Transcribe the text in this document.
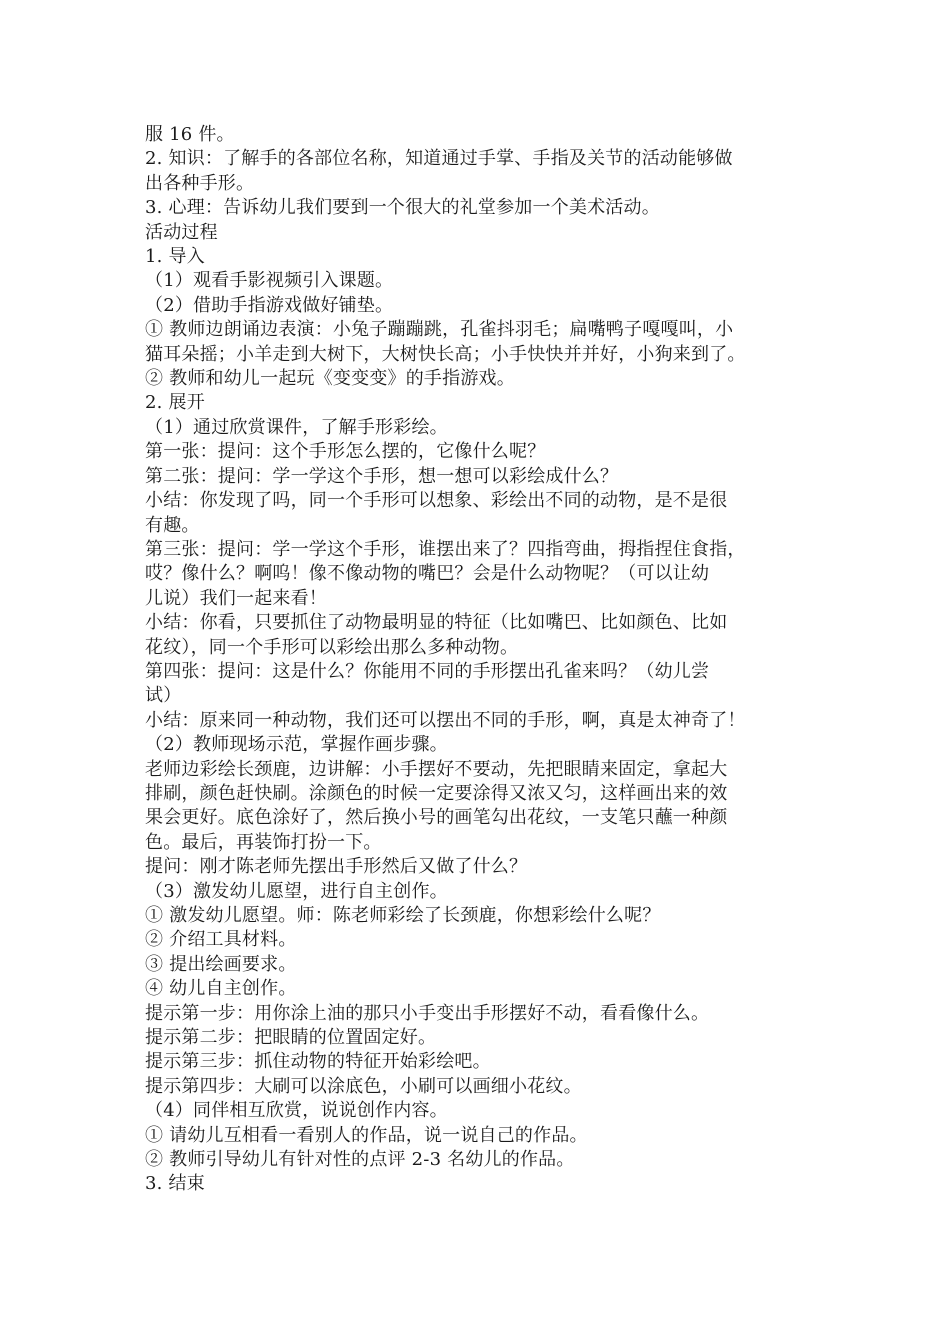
服 16 件。
2. 知识：了解手的各部位名称，知道通过手掌、手指及关节的活动能够做
出各种手形。
3. 心理：告诉幼儿我们要到一个很大的礼堂参加一个美术活动。
活动过程
1. 导入
（1）观看手影视频引入课题。
（2）借助手指游戏做好铺垫。
① 教师边朗诵边表演：小兔子蹦蹦跳，孔雀抖羽毛；扁嘴鸭子嘎嘎叫，小
猫耳朵摇；小羊走到大树下，大树快长高；小手快快并并好，小狗来到了。
② 教师和幼儿一起玩《变变变》的手指游戏。
2. 展开
（1）通过欣赏课件，了解手形彩绘。
第一张：提问：这个手形怎么摆的，它像什么呢？
第二张：提问：学一学这个手形，想一想可以彩绘成什么？
小结：你发现了吗，同一个手形可以想象、彩绘出不同的动物，是不是很
有趣。
第三张：提问：学一学这个手形，谁摆出来了？四指弯曲，拇指捏住食指，
哎？像什么？啊呜！像不像动物的嘴巴？会是什么动物呢？（可以让幼
儿说）我们一起来看！
小结：你看，只要抓住了动物最明显的特征（比如嘴巴、比如颜色、比如
花纹），同一个手形可以彩绘出那么多种动物。
第四张：提问：这是什么？你能用不同的手形摆出孔雀来吗？（幼儿尝
试）
小结：原来同一种动物，我们还可以摆出不同的手形，啊，真是太神奇了！
（2）教师现场示范，掌握作画步骤。
老师边彩绘长颈鹿，边讲解：小手摆好不要动，先把眼睛来固定，拿起大
排刷，颜色赶快刷。涂颜色的时候一定要涂得又浓又匀，这样画出来的效
果会更好。底色涂好了，然后换小号的画笔勾出花纹，一支笔只蘸一种颜
色。最后，再装饰打扮一下。
提问：刚才陈老师先摆出手形然后又做了什么？
（3）激发幼儿愿望，进行自主创作。
① 激发幼儿愿望。师：陈老师彩绘了长颈鹿，你想彩绘什么呢？
② 介绍工具材料。
③ 提出绘画要求。
④ 幼儿自主创作。
提示第一步：用你涂上油的那只小手变出手形摆好不动，看看像什么。
提示第二步：把眼睛的位置固定好。
提示第三步：抓住动物的特征开始彩绘吧。
提示第四步：大刷可以涂底色，小刷可以画细小花纹。
（4）同伴相互欣赏，说说创作内容。
① 请幼儿互相看一看别人的作品，说一说自己的作品。
② 教师引导幼儿有针对性的点评 2-3 名幼儿的作品。
3. 结束
